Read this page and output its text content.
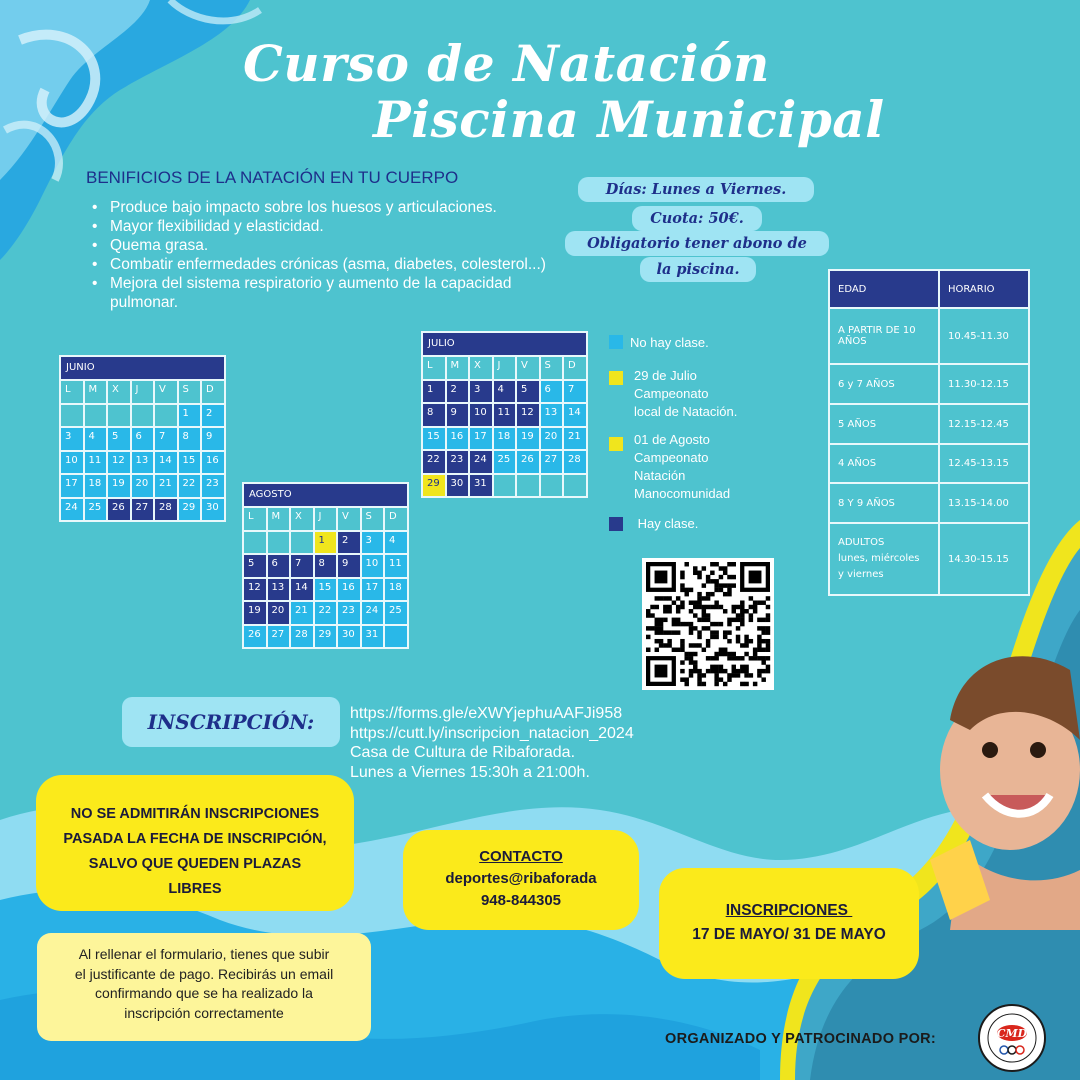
Curso de Natación
Piscina Municipal
BENIFICIOS DE LA NATACIÓN EN TU CUERPO
• Produce bajo impacto sobre los huesos y articulaciones.
• Mayor flexibilidad y elasticidad.
• Quema grasa.
• Combatir enfermedades crónicas (asma, diabetes, colesterol...)
• Mejora del sistema respiratorio y aumento de la capacidad pulmonar.
Días: Lunes a Viernes.
Cuota: 50€.
Obligatorio tener abono de
la piscina.
JUNIO						
L	M	X	J	V	S	D
					1	2
3	4	5	6	7	8	9
10	11	12	13	14	15	16
17	18	19	20	21	22	23
24	25	26	27	28	29	30
JULIO						
L	M	X	J	V	S	D
1	2	3	4	5	6	7
8	9	10	11	12	13	14
15	16	17	18	19	20	21
22	23	24	25	26	27	28
29	30	31				
AGOSTO						
L	M	X	J	V	S	D
			1	2	3	4
5	6	7	8	9	10	11
12	13	14	15	16	17	18
19	20	21	22	23	24	25
26	27	28	29	30	31	
No hay clase.
29 de Julio
Campeonato
local de Natación.
01 de Agosto
Campeonato
Natación
Manocomunidad
Hay clase.
EDAD	HORARIO

A PARTIR DE 10
AÑOS	10.45-11.30
6 y 7 AÑOS	11.30-12.15
5 AÑOS	12.15-12.45
4 AÑOS	12.45-13.15
8 Y 9 AÑOS	13.15-14.00

ADULTOS
lunes, miércoles
y viernes	14.30-15.15
INSCRIPCIÓN:	https://forms.gle/eXWYjephuAAFJi958
https://cutt.ly/inscripcion_natacion_2024
Casa de Cultura de Ribaforada.
Lunes a Viernes 15:30h a 21:00h.
NO SE ADMITIRÁN INSCRIPCIONES
PASADA LA FECHA DE INSCRIPCIÓN,
SALVO QUE QUEDEN PLAZAS
LIBRES
CONTACTO
deportes@ribaforada
948-844305
INSCRIPCIONES
17 DE MAYO/ 31 DE MAYO
Al rellenar el formulario, tienes que subir
el justificante de pago. Recibirás un email
confirmando que se ha realizado la
inscripción correctamente
ORGANIZADO Y PATROCINADO POR:	CMD
